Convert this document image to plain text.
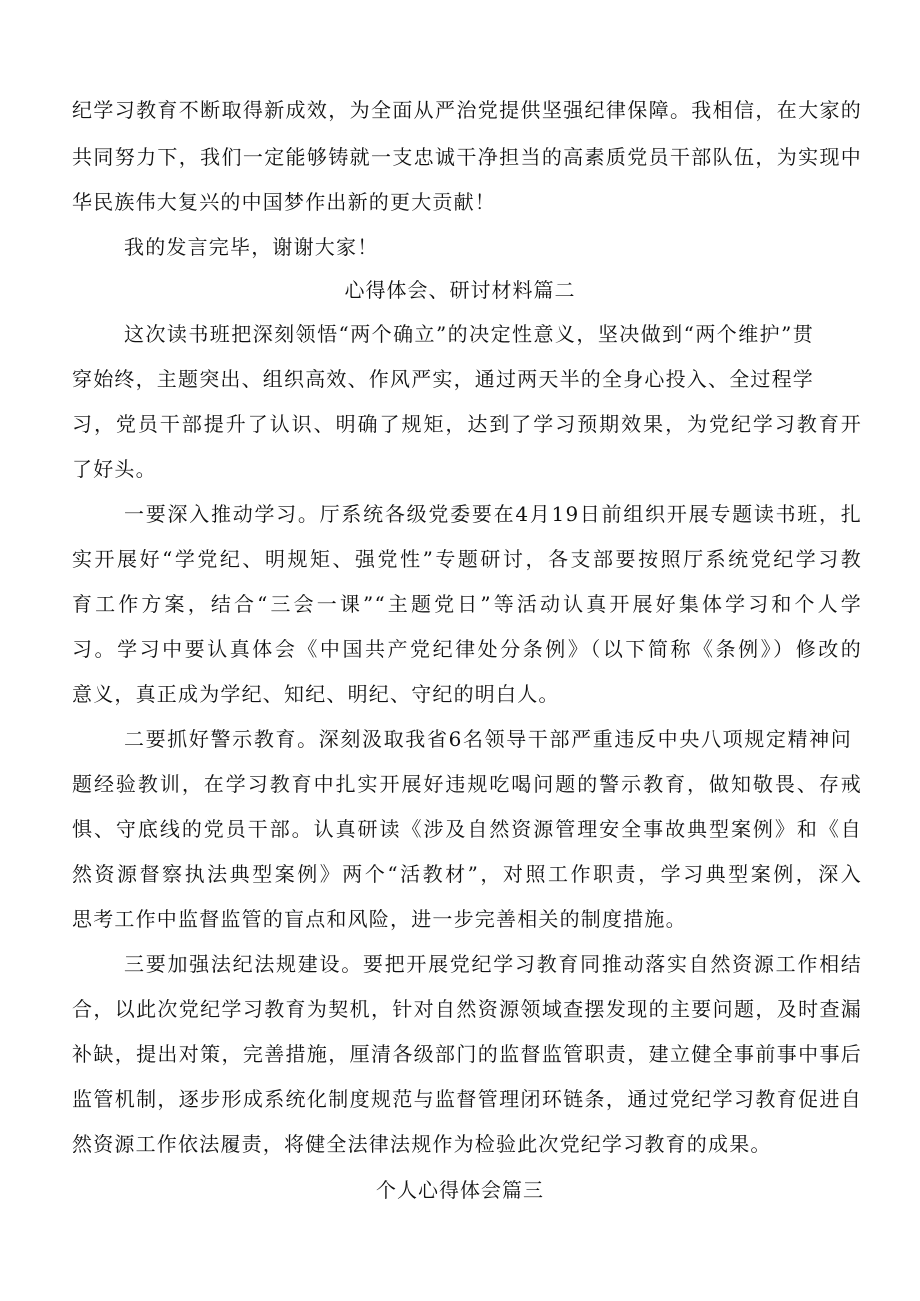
纪学习教育不断取得新成效，为全面从严治党提供坚强纪律保障。我相信，在大家的
共同努力下，我们一定能够铸就一支忠诚干净担当的高素质党员干部队伍，为实现中
华民族伟大复兴的中国梦作出新的更大贡献！
我的发言完毕，谢谢大家！
心得体会、研讨材料篇二
这次读书班把深刻领悟“两个确立”的决定性意义，坚决做到“两个维护”贯
穿始终，主题突出、组织高效、作风严实，通过两天半的全身心投入、全过程学
习，党员干部提升了认识、明确了规矩，达到了学习预期效果，为党纪学习教育开
了好头。
一要深入推动学习。厅系统各级党委要在4月19日前组织开展专题读书班，扎
实开展好“学党纪、明规矩、强党性”专题研讨，各支部要按照厅系统党纪学习教
育工作方案，结合“三会一课”“主题党日”等活动认真开展好集体学习和个人学
习。学习中要认真体会《中国共产党纪律处分条例》（以下简称《条例》）修改的
意义，真正成为学纪、知纪、明纪、守纪的明白人。
二要抓好警示教育。深刻汲取我省6名领导干部严重违反中央八项规定精神问
题经验教训，在学习教育中扎实开展好违规吃喝问题的警示教育，做知敬畏、存戒
惧、守底线的党员干部。认真研读《涉及自然资源管理安全事故典型案例》和《自
然资源督察执法典型案例》两个“活教材”，对照工作职责，学习典型案例，深入
思考工作中监督监管的盲点和风险，进一步完善相关的制度措施。
三要加强法纪法规建设。要把开展党纪学习教育同推动落实自然资源工作相结
合，以此次党纪学习教育为契机，针对自然资源领域查摆发现的主要问题，及时查漏
补缺，提出对策，完善措施，厘清各级部门的监督监管职责，建立健全事前事中事后
监管机制，逐步形成系统化制度规范与监督管理闭环链条，通过党纪学习教育促进自
然资源工作依法履责，将健全法律法规作为检验此次党纪学习教育的成果。
个人心得体会篇三
